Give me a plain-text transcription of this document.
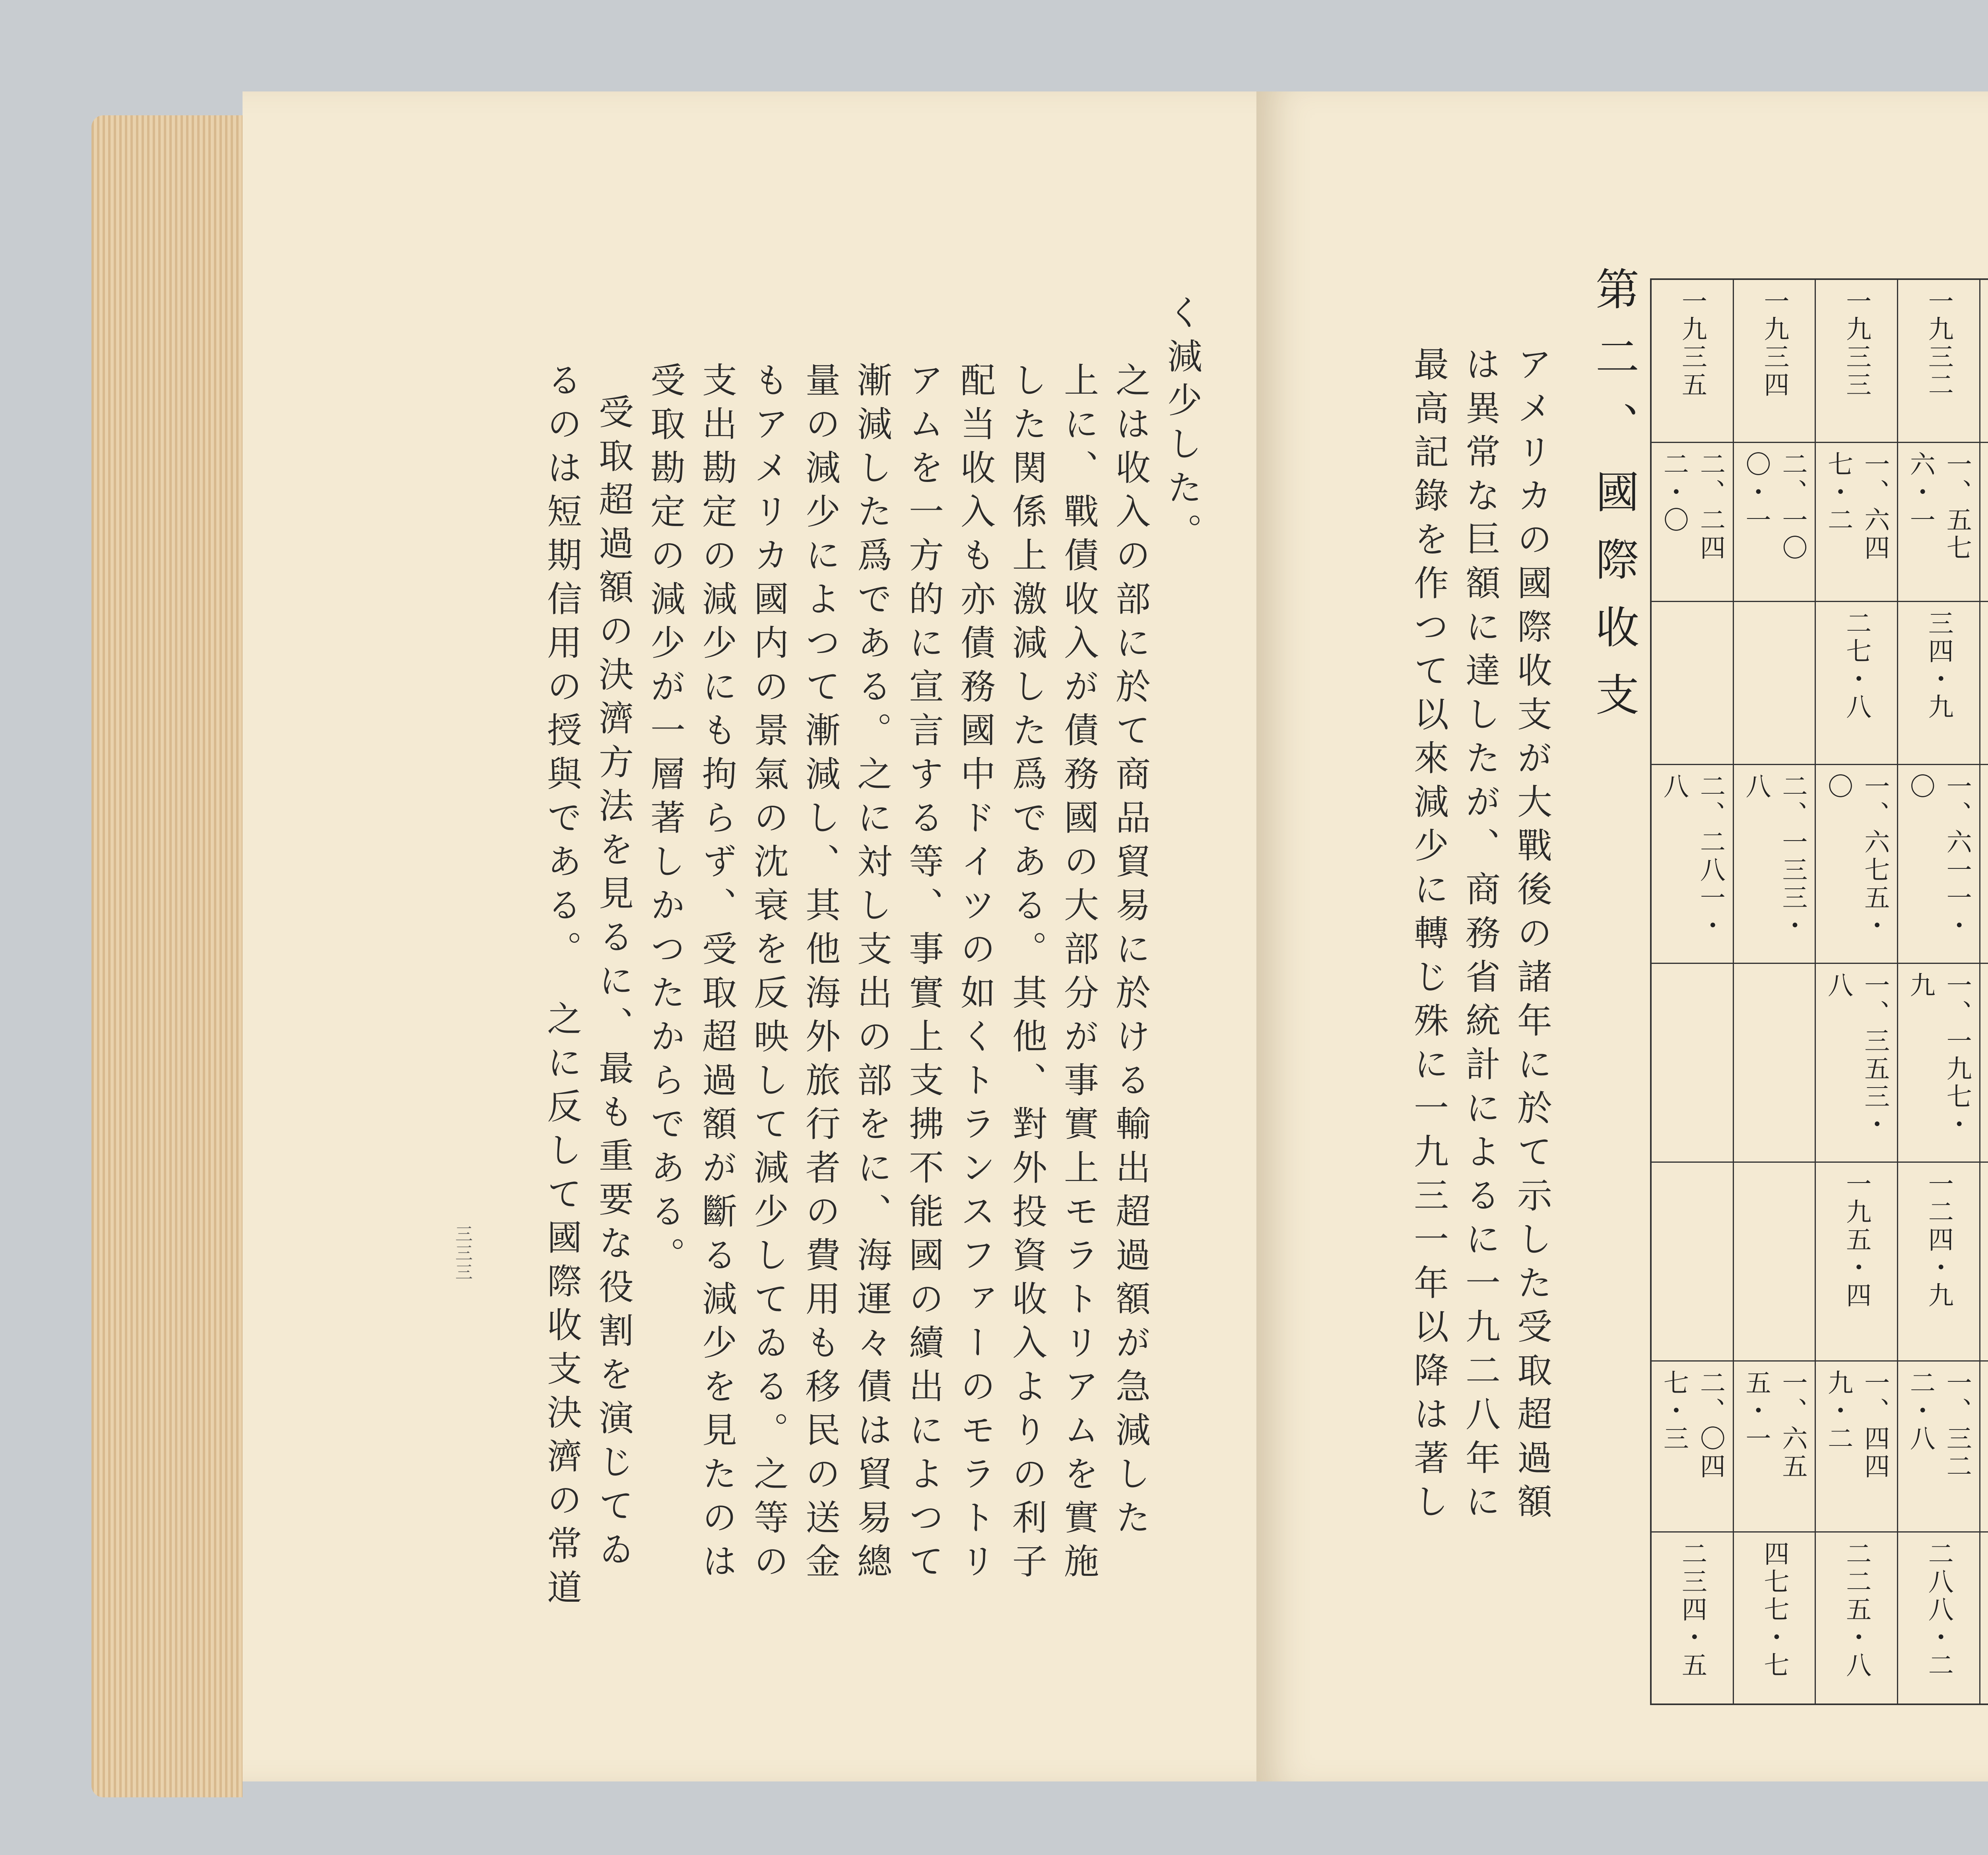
く減少した。
之は收入の部に於て商品貿易に於ける輸出超過額が急減した
上に、戰債收入が債務國の大部分が事實上モラトリアムを實施
した関係上激減した爲である。其他、對外投資收入よりの利子
配当收入も亦債務國中ドイツの如くトランスファーのモラトリ
アムを一方的に宣言する等、事實上支拂不能國の續出によつて
漸減した爲である。之に対し支出の部をに、海運々債は貿易總
量の減少によつて漸減し、其他海外旅行者の費用も移民の送金
もアメリカ國内の景氣の沈衰を反映して減少してゐる。之等の
支出勘定の減少にも拘らず、受取超過額が斷る減少を見たのは
受取勘定の減少が一層著しかつたからである。
受取超過額の決濟方法を見るに、最も重要な役割を演じてゐ
るのは短期信用の授與である。　之に反して國際收支決濟の常道
三三三
第二、國際收支
アメリカの國際收支が大戰後の諸年に於て示した受取超過額
は異常な巨額に達したが、商務省統計によるに一九二八年に
最高記錄を作つて以來減少に轉じ殊に一九三一年以降は著し
一九三二
一、五七六・一
三四・九
一、六一一・〇
一、一九七・九
一二四・九
一、三二二・八
二八八・二
一九三三
一、六四七・二
二七・八
一、六七五・〇
一、三五三・八
一九五・四
一、四四九・二
二二五・八
一九三四
二、一〇〇・一
二、一三三・八
一、六五五・一
四七七・七
一九三五
二、二四二・〇
二、二八一・八
二、〇四七・三
二三四・五
